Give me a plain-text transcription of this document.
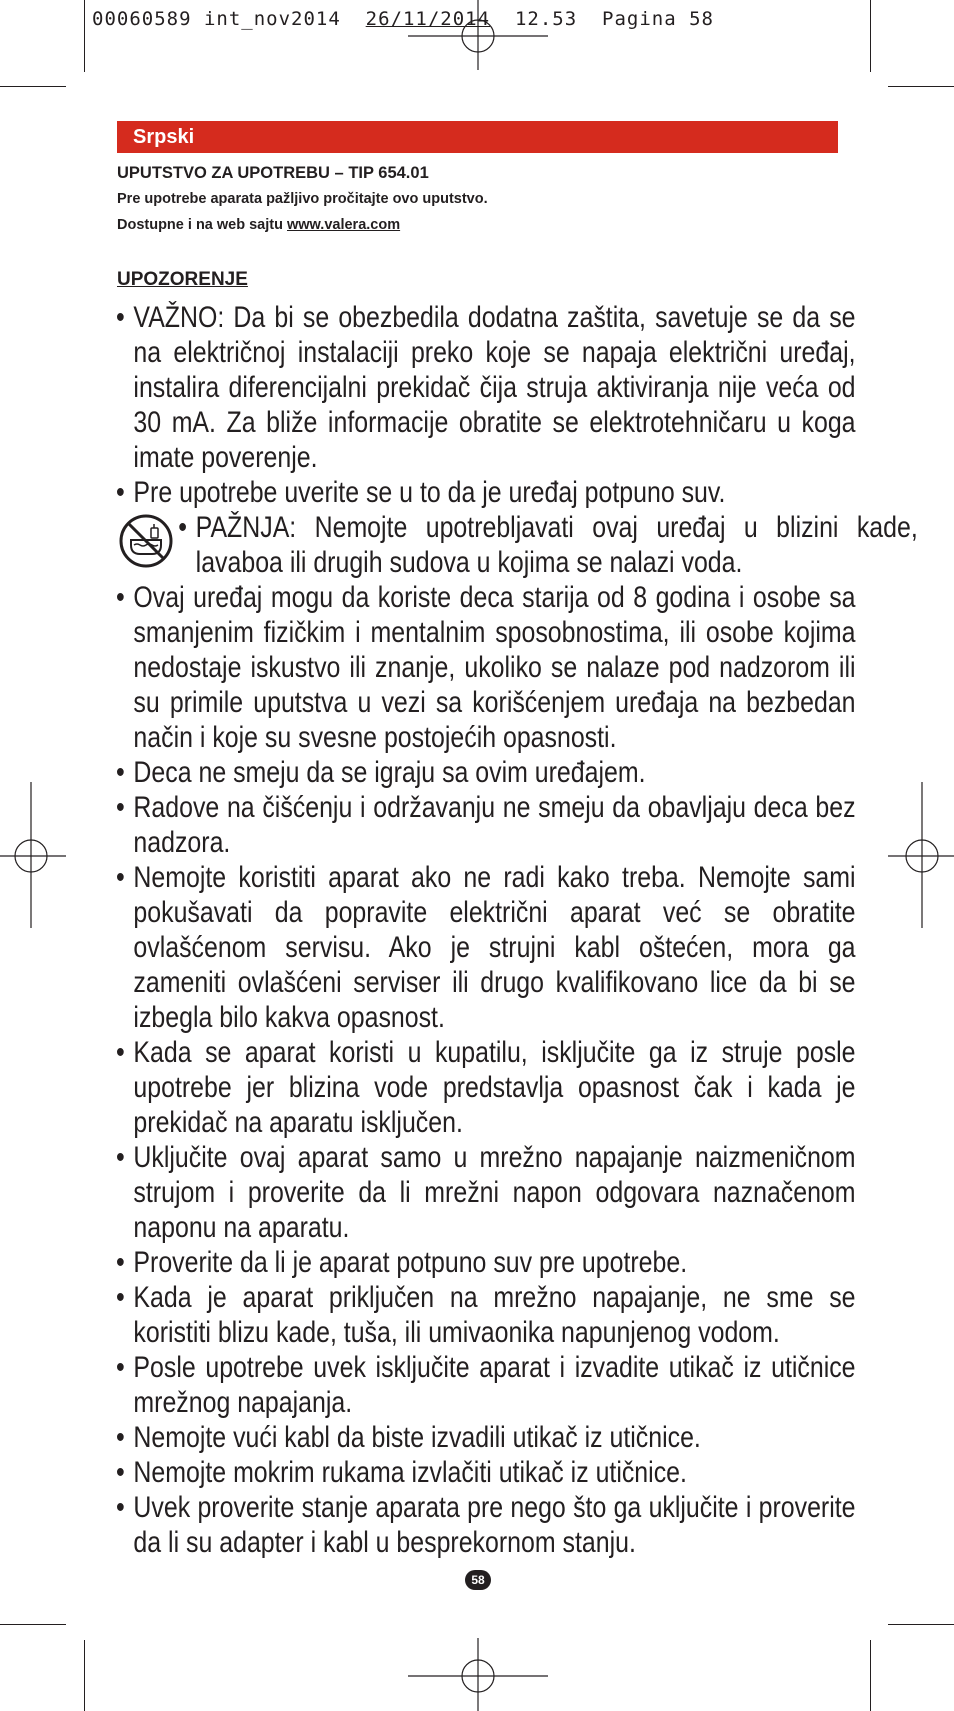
00060589 int_nov2014 26/11/2014 12.53 Pagina 58
Srpski
UPUTSTVO ZA UPOTREBU – TIP 654.01
Pre upotrebe aparata pažljivo pročitajte ovo uputstvo.
Dostupne i na web sajtu www.valera.com
UPOZORENJE
• VAŽNO: Da bi se obezbedila dodatna zaštita, savetuje se da se na električnoj instalaciji preko koje se napaja električni uređaj, instalira diferencijalni prekidač čija struja aktiviranja nije veća od 30 mA. Za bliže informacije obratite se elektrotehničaru u koga imate poverenje.
• Pre upotrebe uverite se u to da je uređaj potpuno suv.
• PAŽNJA: Nemojte upotrebljavati ovaj uređaj u blizini kade, lavaboa ili drugih sudova u kojima se nalazi voda.
• Ovaj uređaj mogu da koriste deca starija od 8 godina i osobe sa smanjenim fizičkim i mentalnim sposobnostima, ili osobe kojima nedostaje iskustvo ili znanje, ukoliko se nalaze pod nadzorom ili su primile uputstva u vezi sa korišćenjem uređaja na bezbedan način i koje su svesne postojećih opasnosti.
• Deca ne smeju da se igraju sa ovim uređajem.
• Radove na čišćenju i održavanju ne smeju da obavljaju deca bez nadzora.
• Nemojte koristiti aparat ako ne radi kako treba. Nemojte sami pokušavati da popravite električni aparat već se obratite ovlašćenom servisu. Ako je strujni kabl oštećen, mora ga zameniti ovlašćeni serviser ili drugo kvalifikovano lice da bi se izbegla bilo kakva opasnost.
• Kada se aparat koristi u kupatilu, isključite ga iz struje posle upotrebe jer blizina vode predstavlja opasnost čak i kada je prekidač na aparatu isključen.
• Uključite ovaj aparat samo u mrežno napajanje naizmeničnom strujom i proverite da li mrežni napon odgovara naznačenom naponu na aparatu.
• Proverite da li je aparat potpuno suv pre upotrebe.
• Kada je aparat priključen na mrežno napajanje, ne sme se koristiti blizu kade, tuša, ili umivaonika napunjenog vodom.
• Posle upotrebe uvek isključite aparat i izvadite utikač iz utičnice mrežnog napajanja.
• Nemojte vući kabl da biste izvadili utikač iz utičnice.
• Nemojte mokrim rukama izvlačiti utikač iz utičnice.
• Uvek proverite stanje aparata pre nego što ga uključite i proverite da li su adapter i kabl u besprekornom stanju.
58
